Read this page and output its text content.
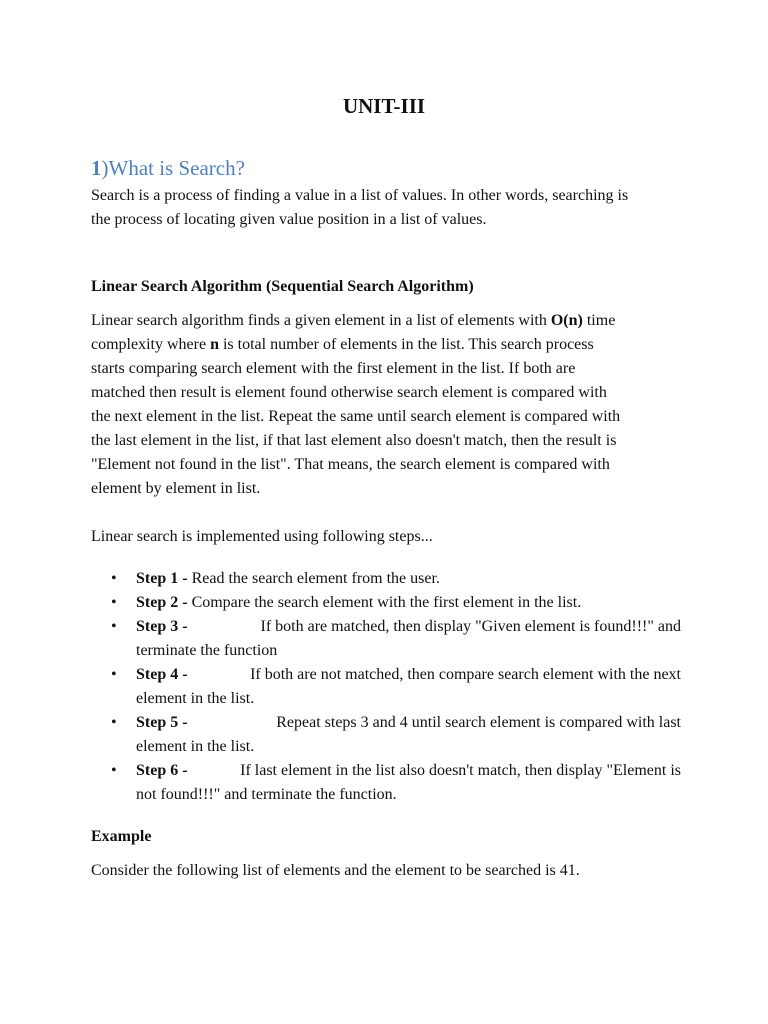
UNIT-III
1)What is Search?
Search is a process of finding a value in a list of values. In other words, searching is
the process of locating given value position in a list of values.
Linear Search Algorithm (Sequential Search Algorithm)
Linear search algorithm finds a given element in a list of elements with O(n) time
complexity where n is total number of elements in the list. This search process
starts comparing search element with the first element in the list. If both are
matched then result is element found otherwise search element is compared with
the next element in the list. Repeat the same until search element is compared with
the last element in the list, if that last element also doesn't match, then the result is
"Element not found in the list". That means, the search element is compared with
element by element in list.
Linear search is implemented using following steps...
• Step 1 - Read the search element from the user.
• Step 2 - Compare the search element with the first element in the list.
• Step 3 -	If both are matched, then display "Given element is found!!!" and
terminate the function
• Step 4 -	If both are not matched, then compare search element with the next
element in the list.
• Step 5 -	Repeat steps 3 and 4 until search element is compared with last
element in the list.
• Step 6 -	If last element in the list also doesn't match, then display "Element is
not found!!!" and terminate the function.
Example
Consider the following list of elements and the element to be searched is 41.
